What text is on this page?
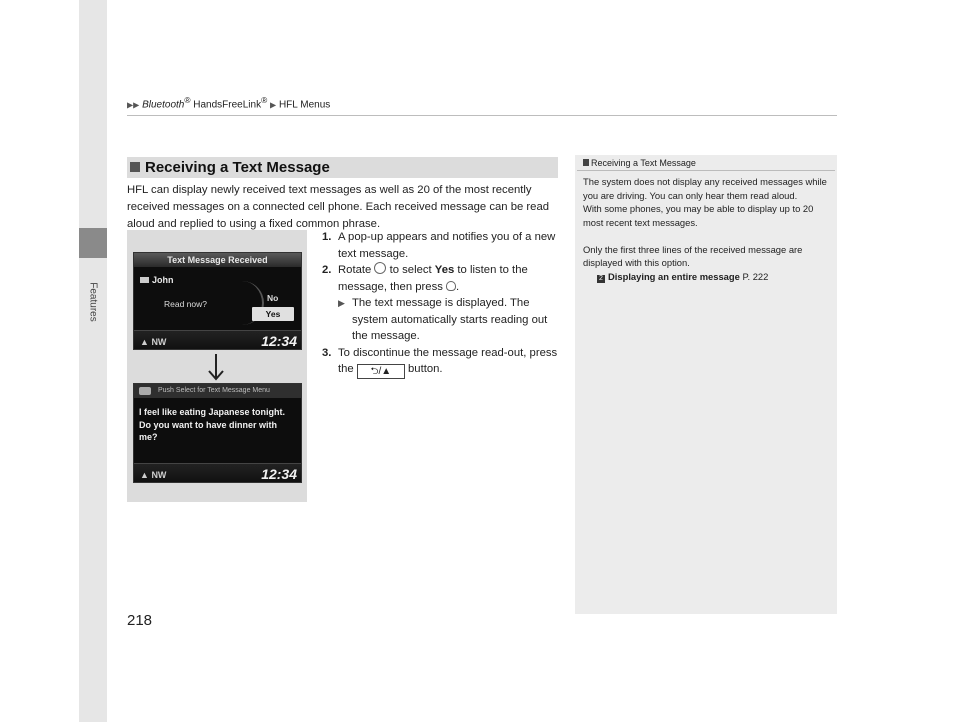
Features
▶▶ Bluetooth® HandsFreeLink® ▶ HFL Menus
Receiving a Text Message
HFL can display newly received text messages as well as 20 of the most recently received messages on a connected cell phone. Each received message can be read aloud and replied to using a fixed common phrase.
Text Message Received
John
Read now?
No
Yes
▲ NW	12:34
Push Select for Text Message Menu
I feel like eating Japanese tonight. Do you want to have dinner with me?
▲ NW	12:34

1. A pop-up appears and notifies you of a new text message.

2. Rotate to select Yes to listen to the message, then press .

▶ The text message is displayed. The system automatically starts reading out the message.

3. To discontinue the message read-out, press the ⮌/▲ button.

Receiving a Text Message

The system does not display any received messages while you are driving. You can only hear them read aloud.

With some phones, you may be able to display up to 20 most recent text messages.

Only the first three lines of the received message are displayed with this option.

2 Displaying an entire message P. 222

218
